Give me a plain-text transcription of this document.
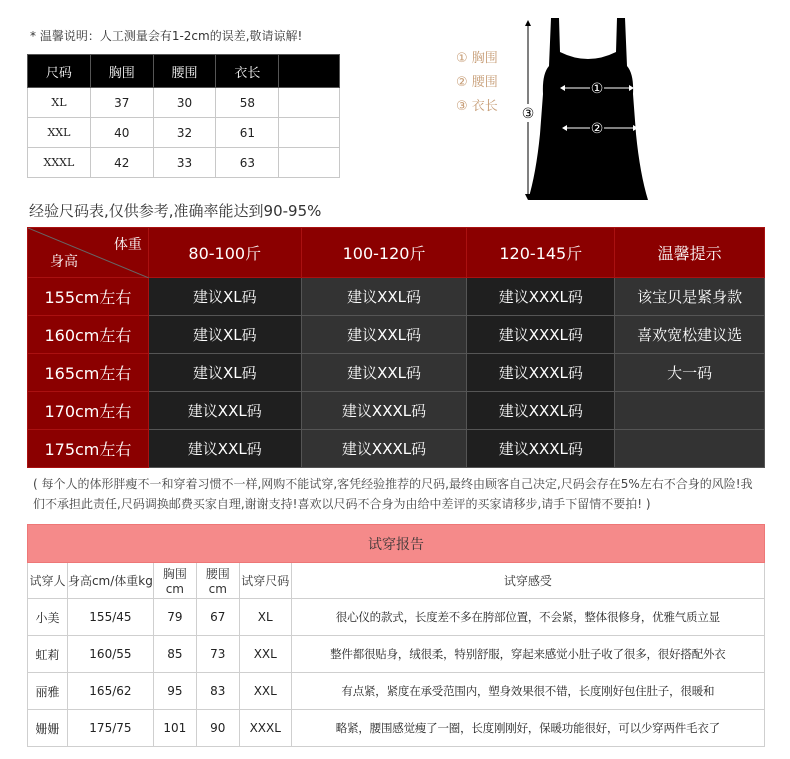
* 温馨说明：人工测量会有1-2cm的误差,敬请谅解!
尺码	胸围	腰围	衣长	
XL	37	30	58	
XXL	40	32	61	
XXXL	42	33	63	
① 胸围
② 腰围
③ 衣长
①
②
③
经验尺码表,仅供参考,准确率能达到90-95%
体重
身高	80-100斤	100-120斤	120-145斤	温馨提示
155cm左右	建议XL码	建议XXL码	建议XXXL码	该宝贝是紧身款
160cm左右	建议XL码	建议XXL码	建议XXXL码	喜欢宽松建议选
165cm左右	建议XL码	建议XXL码	建议XXXL码	大一码
170cm左右	建议XXL码	建议XXXL码	建议XXXL码	
175cm左右	建议XXL码	建议XXXL码	建议XXXL码	
( 每个人的体形胖瘦不一和穿着习惯不一样,网购不能试穿,客凭经验推荐的尺码,最终由顾客自己决定,尺码会存在5%左右不合身的风险!我们不承担此责任,尺码调换邮费买家自理,谢谢支持!喜欢以尺码不合身为由给中差评的买家请移步,请手下留情不要拍! )
试穿报告					
试穿人	身高cm/体重kg	胸围cm	腰围cm	试穿尺码	试穿感受
小美	155/45	79	67	XL	很心仪的款式，长度差不多在胯部位置，不会紧，整体很修身，优雅气质立显
虹莉	160/55	85	73	XXL	整件都很贴身，绒很柔，特别舒服，穿起来感觉小肚子收了很多，很好搭配外衣
丽雅	165/62	95	83	XXL	有点紧，紧度在承受范围内，塑身效果很不错，长度刚好包住肚子，很暖和
姗姗	175/75	101	90	XXXL	略紧，腰围感觉瘦了一圈，长度刚刚好，保暖功能很好，可以少穿两件毛衣了
